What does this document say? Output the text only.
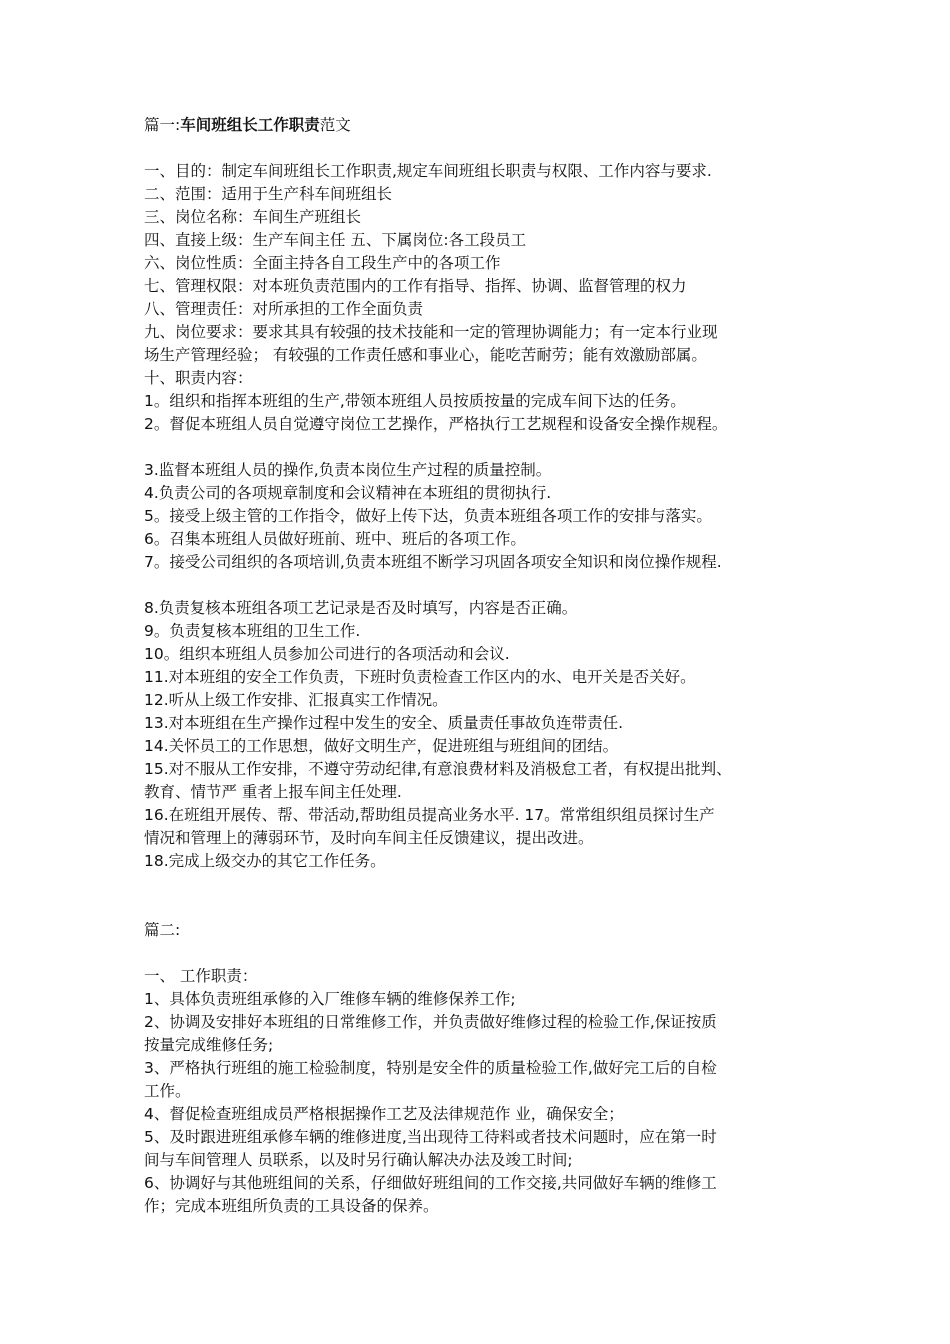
篇一:车间班组长工作职责范文
一、目的：制定车间班组长工作职责,规定车间班组长职责与权限、工作内容与要求.
二、范围：适用于生产科车间班组长
三、岗位名称：车间生产班组长
四、直接上级：生产车间主任 五、下属岗位:各工段员工
六、岗位性质：全面主持各自工段生产中的各项工作
七、管理权限：对本班负责范围内的工作有指导、指挥、协调、监督管理的权力
八、管理责任：对所承担的工作全面负责
九、岗位要求：要求其具有较强的技术技能和一定的管理协调能力；有一定本行业现
场生产管理经验； 有较强的工作责任感和事业心，能吃苦耐劳；能有效激励部属。
十、职责内容：
1。组织和指挥本班组的生产,带领本班组人员按质按量的完成车间下达的任务。
2。督促本班组人员自觉遵守岗位工艺操作，严格执行工艺规程和设备安全操作规程。
3.监督本班组人员的操作,负责本岗位生产过程的质量控制。
4.负责公司的各项规章制度和会议精神在本班组的贯彻执行.
5。接受上级主管的工作指令，做好上传下达，负责本班组各项工作的安排与落实。
6。召集本班组人员做好班前、班中、班后的各项工作。
7。接受公司组织的各项培训,负责本班组不断学习巩固各项安全知识和岗位操作规程.
8.负责复核本班组各项工艺记录是否及时填写，内容是否正确。
9。负责复核本班组的卫生工作.
10。组织本班组人员参加公司进行的各项活动和会议.
11.对本班组的安全工作负责，下班时负责检查工作区内的水、电开关是否关好。
12.听从上级工作安排、汇报真实工作情况。
13.对本班组在生产操作过程中发生的安全、质量责任事故负连带责任.
14.关怀员工的工作思想，做好文明生产，促进班组与班组间的团结。
15.对不服从工作安排，不遵守劳动纪律,有意浪费材料及消极怠工者，有权提出批判、
教育、情节严 重者上报车间主任处理.
16.在班组开展传、帮、带活动,帮助组员提高业务水平. 17。常常组织组员探讨生产
情况和管理上的薄弱环节，及时向车间主任反馈建议，提出改进。
18.完成上级交办的其它工作任务。
篇二:
一、 工作职责：
1、具体负责班组承修的入厂维修车辆的维修保养工作;
2、协调及安排好本班组的日常维修工作，并负责做好维修过程的检验工作,保证按质
按量完成维修任务;
3、严格执行班组的施工检验制度，特别是安全件的质量检验工作,做好完工后的自检
工作。
4、督促检查班组成员严格根据操作工艺及法律规范作 业，确保安全；
5、及时跟进班组承修车辆的维修进度,当出现待工待料或者技术问题时，应在第一时
间与车间管理人 员联系，以及时另行确认解决办法及竣工时间;
6、协调好与其他班组间的关系，仔细做好班组间的工作交接,共同做好车辆的维修工
作；完成本班组所负责的工具设备的保养。
